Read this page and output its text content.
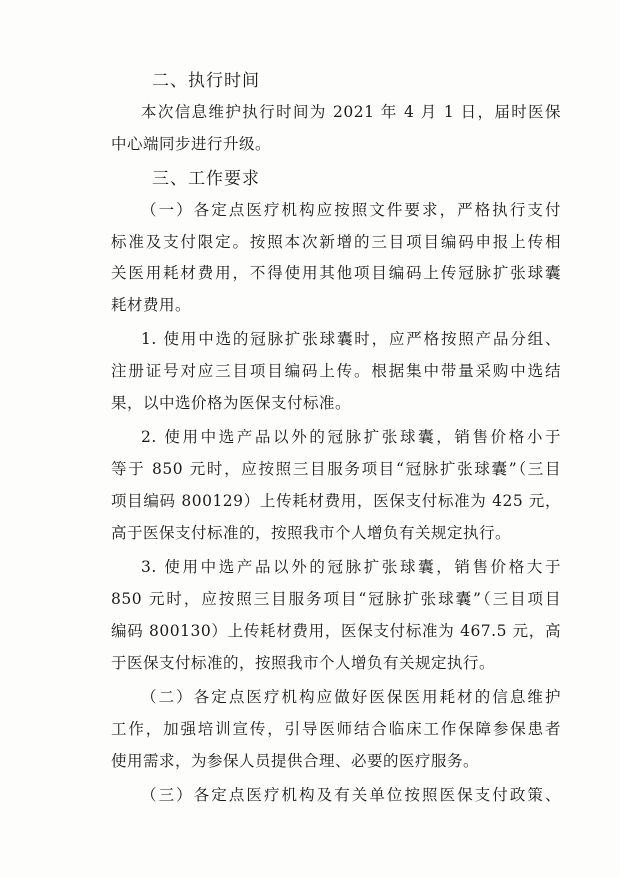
二、执行时间
本次信息维护执行时间为 2021 年 4 月 1 日，届时医保
中心端同步进行升级。
三、工作要求
（一）各定点医疗机构应按照文件要求，严格执行支付
标准及支付限定。按照本次新增的三目项目编码申报上传相
关医用耗材费用，不得使用其他项目编码上传冠脉扩张球囊
耗材费用。
1. 使用中选的冠脉扩张球囊时，应严格按照产品分组、
注册证号对应三目项目编码上传。根据集中带量采购中选结
果，以中选价格为医保支付标准。
2. 使用中选产品以外的冠脉扩张球囊，销售价格小于
等于 850 元时，应按照三目服务项目“冠脉扩张球囊”（三目
项目编码 800129）上传耗材费用，医保支付标准为 425 元，
高于医保支付标准的，按照我市个人增负有关规定执行。
3. 使用中选产品以外的冠脉扩张球囊，销售价格大于
850 元时，应按照三目服务项目“冠脉扩张球囊”（三目项目
编码 800130）上传耗材费用，医保支付标准为 467.5 元，高
于医保支付标准的，按照我市个人增负有关规定执行。
（二）各定点医疗机构应做好医保医用耗材的信息维护
工作，加强培训宣传，引导医师结合临床工作保障参保患者
使用需求，为参保人员提供合理、必要的医疗服务。
（三）各定点医疗机构及有关单位按照医保支付政策、
